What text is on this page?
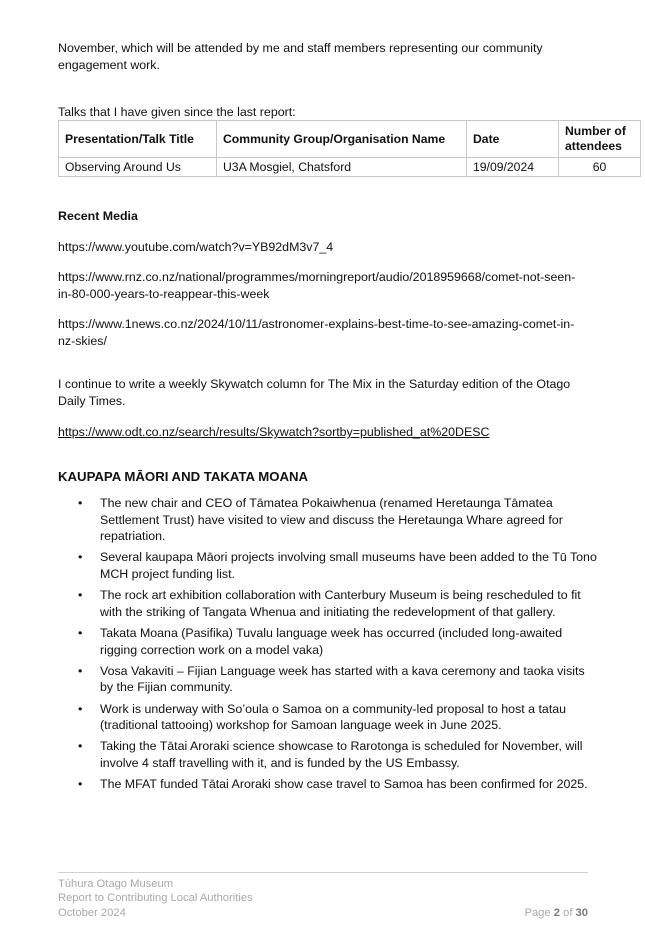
November, which will be attended by me and staff members representing our community engagement work.

Talks that I have given since the last report:

Presentation/Talk Title	Community Group/Organisation Name	Date	Number of attendees
Observing Around Us	U3A Mosgiel, Chatsford	19/09/2024	60

Recent Media

https://www.youtube.com/watch?v=YB92dM3v7_4

https://www.rnz.co.nz/national/programmes/morningreport/audio/2018959668/comet-not-seen-in-80-000-years-to-reappear-this-week

https://www.1news.co.nz/2024/10/11/astronomer-explains-best-time-to-see-amazing-comet-in-nz-skies/

I continue to write a weekly Skywatch column for The Mix in the Saturday edition of the Otago Daily Times.

https://www.odt.co.nz/search/results/Skywatch?sortby=published_at%20DESC

KAUPAPA MĀORI AND TAKATA MOANA
• The new chair and CEO of Tāmatea Pokaiwhenua (renamed Heretaunga Tāmatea Settlement Trust) have visited to view and discuss the Heretaunga Whare agreed for repatriation.
• Several kaupapa Māori projects involving small museums have been added to the Tū Tono MCH project funding list.
• The rock art exhibition collaboration with Canterbury Museum is being rescheduled to fit with the striking of Tangata Whenua and initiating the redevelopment of that gallery.
• Takata Moana (Pasifika) Tuvalu language week has occurred (included long-awaited rigging correction work on a model vaka)
• Vosa Vakaviti – Fijian Language week has started with a kava ceremony and taoka visits by the Fijian community.
• Work is underway with So’oula o Samoa on a community-led proposal to host a tatau (traditional tattooing) workshop for Samoan language week in June 2025.
• Taking the Tātai Aroraki science showcase to Rarotonga is scheduled for November, will involve 4 staff travelling with it, and is funded by the US Embassy.
• The MFAT funded Tātai Aroraki show case travel to Samoa has been confirmed for 2025.
Tūhura Otago Museum
Report to Contributing Local Authorities
October 2024	Page 2 of 30
